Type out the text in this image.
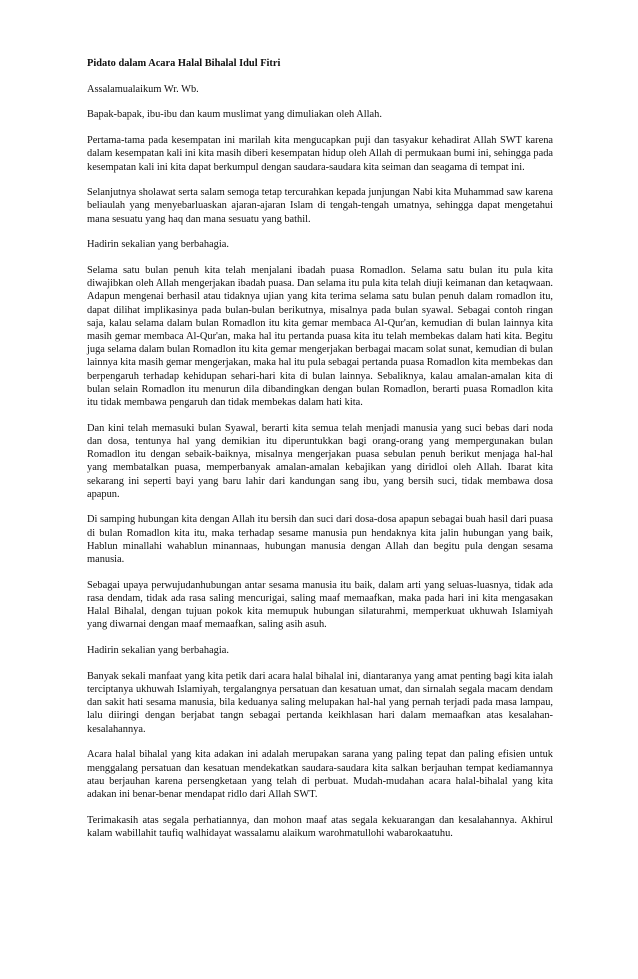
Pidato dalam Acara Halal Bihalal Idul Fitri

Assalamualaikum Wr. Wb.

Bapak-bapak, ibu-ibu dan kaum muslimat yang dimuliakan oleh Allah.

Pertama-tama pada kesempatan ini marilah kita mengucapkan puji dan tasyakur kehadirat Allah SWT karena dalam kesempatan kali ini kita masih diberi kesempatan hidup oleh Allah di permukaan bumi ini, sehingga pada kesempatan kali ini kita dapat berkumpul dengan saudara-saudara kita seiman dan seagama di tempat ini.

Selanjutnya sholawat serta salam semoga tetap tercurahkan kepada junjungan Nabi kita Muhammad saw karena beliaulah yang menyebarluaskan ajaran-ajaran Islam di tengah-tengah umatnya, sehingga dapat mengetahui mana sesuatu yang haq dan mana sesuatu yang bathil.

Hadirin sekalian yang berbahagia.

Selama satu bulan penuh kita telah menjalani ibadah puasa Romadlon. Selama satu bulan itu pula kita diwajibkan oleh Allah mengerjakan ibadah puasa. Dan selama itu pula kita telah diuji keimanan dan ketaqwaan. Adapun mengenai berhasil atau tidaknya ujian yang kita terima selama satu bulan penuh dalam romadlon itu, dapat dilihat implikasinya pada bulan-bulan berikutnya, misalnya pada bulan syawal. Sebagai contoh ringan saja, kalau selama dalam bulan Romadlon itu kita gemar membaca Al-Qur'an, kemudian di bulan lainnya kita masih gemar membaca Al-Qur'an, maka hal itu pertanda puasa kita itu telah membekas dalam hati kita. Begitu juga selama dalam bulan Romadlon itu kita gemar mengerjakan berbagai macam solat sunat, kemudian di bulan lainnya kita masih gemar mengerjakan, maka hal itu pula sebagai pertanda puasa Romadlon kita membekas dan berpengaruh terhadap kehidupan sehari-hari kita di bulan lainnya. Sebaliknya, kalau amalan-amalan kita di bulan selain Romadlon itu menurun dila dibandingkan dengan bulan Romadlon, berarti puasa Romadlon kita itu tidak membawa pengaruh dan tidak membekas dalam hati kita.

Dan kini telah memasuki bulan Syawal, berarti kita semua telah menjadi manusia yang suci bebas dari noda dan dosa, tentunya hal yang demikian itu diperuntukkan bagi orang-orang yang mempergunakan bulan Romadlon itu dengan sebaik-baiknya, misalnya mengerjakan puasa sebulan penuh berikut menjaga hal-hal yang membatalkan puasa, memperbanyak amalan-amalan kebajikan yang diridloi oleh Allah. Ibarat kita sekarang ini seperti bayi yang baru lahir dari kandungan sang ibu, yang bersih suci, tidak membawa dosa apapun.

Di samping hubungan kita dengan Allah itu bersih dan suci dari dosa-dosa apapun sebagai buah hasil dari puasa di bulan Romadlon kita itu, maka terhadap sesame manusia pun hendaknya kita jalin hubungan yang baik, Hablun minallahi wahablun minannaas, hubungan manusia dengan Allah dan begitu pula dengan sesama manusia.

Sebagai upaya perwujudanhubungan antar sesama manusia itu baik, dalam arti yang seluas-luasnya, tidak ada rasa dendam, tidak ada rasa saling mencurigai, saling maaf memaafkan, maka pada hari ini kita mengasakan Halal Bihalal, dengan tujuan pokok kita memupuk hubungan silaturahmi, memperkuat ukhuwah Islamiyah yang diwarnai dengan maaf memaafkan, saling asih asuh.

Hadirin sekalian yang berbahagia.

Banyak sekali manfaat yang kita petik dari acara halal bihalal ini, diantaranya yang amat penting bagi kita ialah terciptanya ukhuwah Islamiyah, tergalangnya persatuan dan kesatuan umat, dan sirnalah segala macam dendam dan sakit hati sesama manusia, bila keduanya saling melupakan hal-hal yang pernah terjadi pada masa lampau, lalu diiringi dengan berjabat tangn sebagai pertanda keikhlasan hari dalam memaafkan atas kesalahan-kesalahannya.

Acara halal bihalal yang kita adakan ini adalah merupakan sarana yang paling tepat dan paling efisien untuk menggalang persatuan dan kesatuan mendekatkan saudara-saudara kita salkan berjauhan tempat kediamannya atau berjauhan karena persengketaan yang telah di perbuat. Mudah-mudahan acara halal-bihalal yang kita adakan ini benar-benar mendapat ridlo dari Allah SWT.

Terimakasih atas segala perhatiannya, dan mohon maaf atas segala kekuarangan dan kesalahannya. Akhirul kalam wabillahit taufiq walhidayat wassalamu alaikum warohmatullohi wabarokaatuhu.
